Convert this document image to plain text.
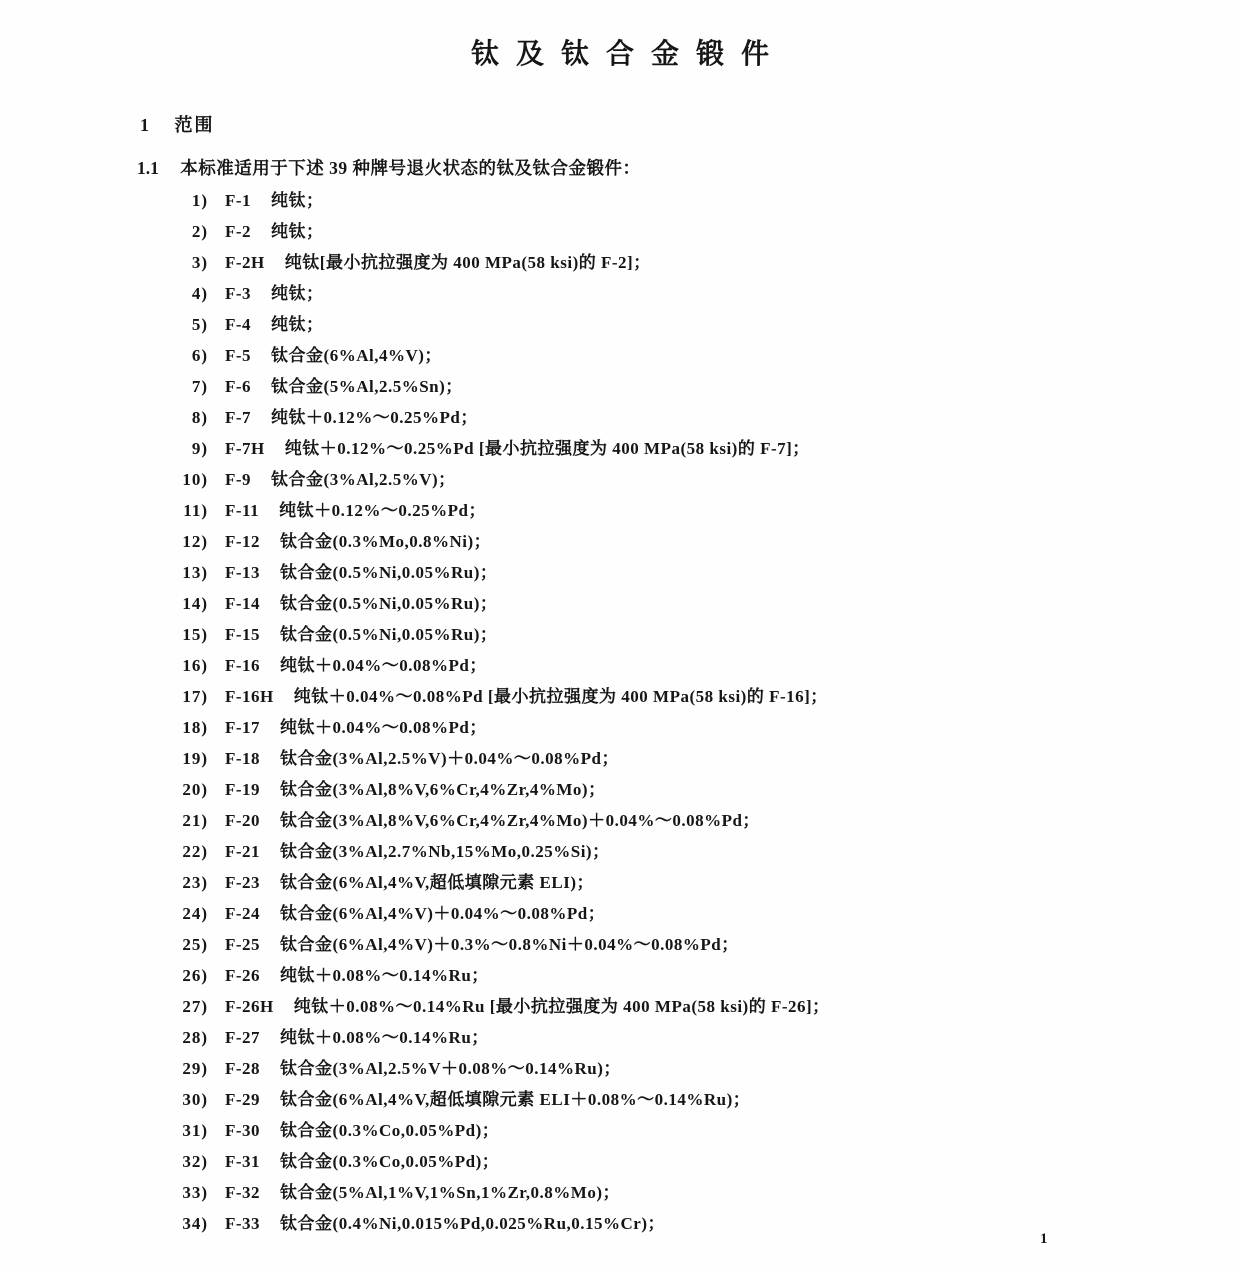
钛及钛合金锻件
1 范围
1.1 本标准适用于下述 39 种牌号退火状态的钛及钛合金锻件：
1) F-1 纯钛；
2) F-2 纯钛；
3) F-2H 纯钛[最小抗拉强度为 400 MPa(58 ksi)的 F-2]；
4) F-3 纯钛；
5) F-4 纯钛；
6) F-5 钛合金(6%Al,4%V)；
7) F-6 钛合金(5%Al,2.5%Sn)；
8) F-7 纯钛＋0.12%～0.25%Pd；
9) F-7H 纯钛＋0.12%～0.25%Pd [最小抗拉强度为 400 MPa(58 ksi)的 F-7]；
10) F-9 钛合金(3%Al,2.5%V)；
11) F-11 纯钛＋0.12%～0.25%Pd；
12) F-12 钛合金(0.3%Mo,0.8%Ni)；
13) F-13 钛合金(0.5%Ni,0.05%Ru)；
14) F-14 钛合金(0.5%Ni,0.05%Ru)；
15) F-15 钛合金(0.5%Ni,0.05%Ru)；
16) F-16 纯钛＋0.04%～0.08%Pd；
17) F-16H 纯钛＋0.04%～0.08%Pd [最小抗拉强度为 400 MPa(58 ksi)的 F-16]；
18) F-17 纯钛＋0.04%～0.08%Pd；
19) F-18 钛合金(3%Al,2.5%V)＋0.04%～0.08%Pd；
20) F-19 钛合金(3%Al,8%V,6%Cr,4%Zr,4%Mo)；
21) F-20 钛合金(3%Al,8%V,6%Cr,4%Zr,4%Mo)＋0.04%～0.08%Pd；
22) F-21 钛合金(3%Al,2.7%Nb,15%Mo,0.25%Si)；
23) F-23 钛合金(6%Al,4%V,超低填隙元素 ELI)；
24) F-24 钛合金(6%Al,4%V)＋0.04%～0.08%Pd；
25) F-25 钛合金(6%Al,4%V)＋0.3%～0.8%Ni＋0.04%～0.08%Pd；
26) F-26 纯钛＋0.08%～0.14%Ru；
27) F-26H 纯钛＋0.08%～0.14%Ru [最小抗拉强度为 400 MPa(58 ksi)的 F-26]；
28) F-27 纯钛＋0.08%～0.14%Ru；
29) F-28 钛合金(3%Al,2.5%V＋0.08%～0.14%Ru)；
30) F-29 钛合金(6%Al,4%V,超低填隙元素 ELI＋0.08%～0.14%Ru)；
31) F-30 钛合金(0.3%Co,0.05%Pd)；
32) F-31 钛合金(0.3%Co,0.05%Pd)；
33) F-32 钛合金(5%Al,1%V,1%Sn,1%Zr,0.8%Mo)；
34) F-33 钛合金(0.4%Ni,0.015%Pd,0.025%Ru,0.15%Cr)；
1
